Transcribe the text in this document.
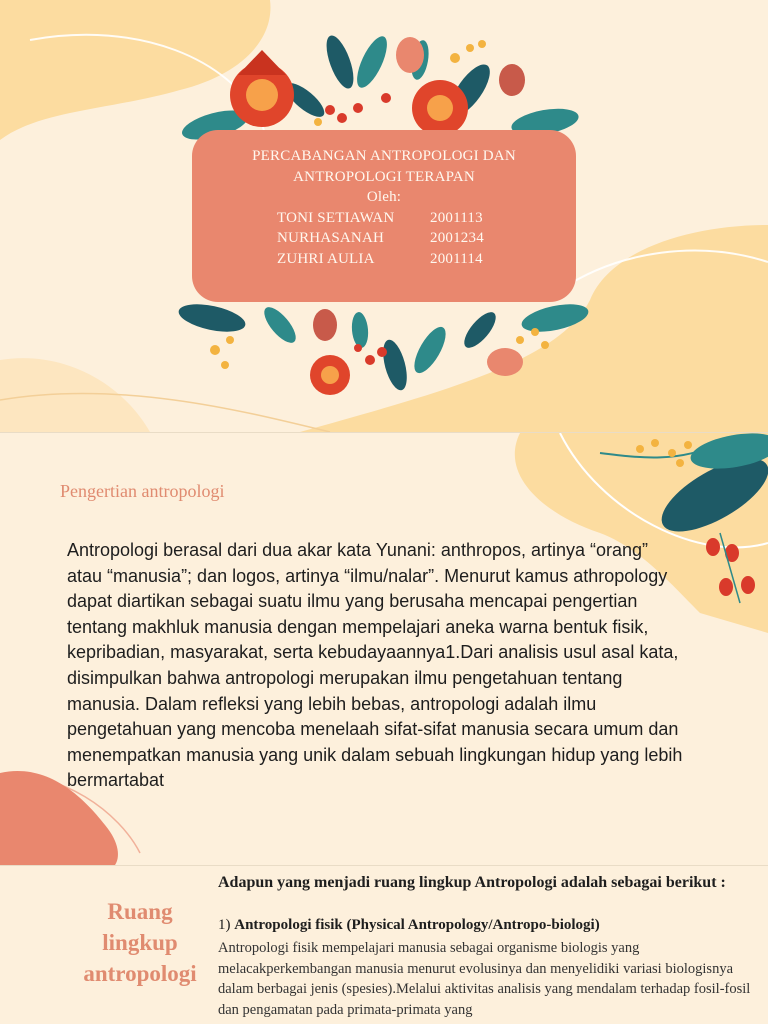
PERCABANGAN ANTROPOLOGI DAN
ANTROPOLOGI TERAPAN
Oleh:
TONI SETIAWAN 2001113
NURHASANAH	2001234
ZUHRI AULIA	2001114
Pengertian antropologi
Antropologi berasal dari dua akar kata Yunani: anthropos, artinya “orang” atau “manusia”; dan logos, artinya “ilmu/nalar”. Menurut kamus athropology dapat diartikan sebagai suatu ilmu yang berusaha mencapai pengertian tentang makhluk manusia dengan mempelajari aneka warna bentuk fisik, kepribadian, masyarakat, serta kebudayaannya1.Dari analisis usul asal kata, disimpulkan bahwa antropologi merupakan ilmu pengetahuan tentang manusia. Dalam refleksi yang lebih bebas, antropologi adalah ilmu pengetahuan yang mencoba menelaah sifat-sifat manusia secara umum dan menempatkan manusia yang unik dalam sebuah lingkungan hidup yang lebih bermartabat
Ruang
lingkup
antropologi
Adapun yang menjadi ruang lingkup Antropologi adalah sebagai berikut :
1) Antropologi fisik (Physical Antropology/Antropo-biologi)
Antropologi fisik mempelajari manusia sebagai organisme biologis yang melacakperkembangan manusia menurut evolusinya dan menyelidiki variasi biologisnya dalam berbagai jenis (spesies).Melalui aktivitas analisis yang mendalam terhadap fosil-fosil dan pengamatan pada primata-primata yang
